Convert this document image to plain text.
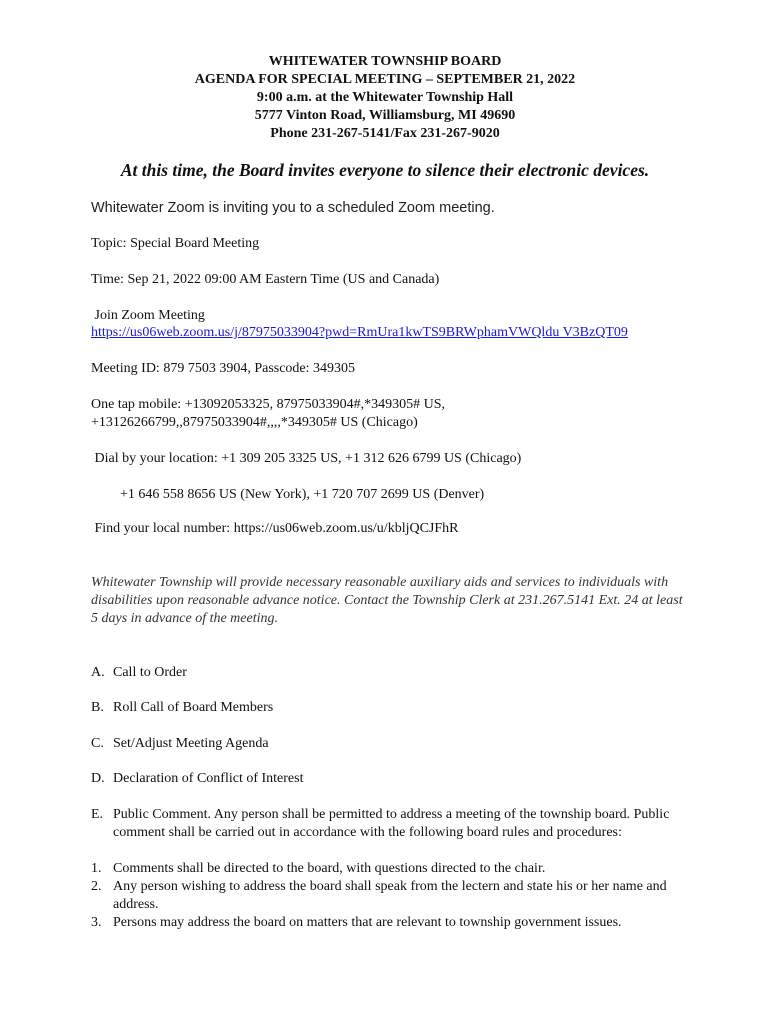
WHITEWATER TOWNSHIP BOARD
AGENDA FOR SPECIAL MEETING – SEPTEMBER 21, 2022
9:00 a.m. at the Whitewater Township Hall
5777 Vinton Road, Williamsburg, MI 49690
Phone 231-267-5141/Fax 231-267-9020
At this time, the Board invites everyone to silence their electronic devices.
Whitewater Zoom is inviting you to a scheduled Zoom meeting.
Topic: Special Board Meeting
Time: Sep 21, 2022 09:00 AM Eastern Time (US and Canada)
Join Zoom Meeting
https://us06web.zoom.us/j/87975033904?pwd=RmUra1kwTS9BRWphamVWQldu V3BzQT09
Meeting ID: 879 7503 3904, Passcode: 349305
One tap mobile: +13092053325, 87975033904#,*349305# US,
+13126266799,,87975033904#,,,,*349305# US (Chicago)
Dial by your location: +1 309 205 3325 US, +1 312 626 6799 US (Chicago)
+1 646 558 8656 US (New York), +1 720 707 2699 US (Denver)
Find your local number: https://us06web.zoom.us/u/kbljQCJFhR
Whitewater Township will provide necessary reasonable auxiliary aids and services to individuals with disabilities upon reasonable advance notice. Contact the Township Clerk at 231.267.5141 Ext. 24 at least 5 days in advance of the meeting.
A. Call to Order
B. Roll Call of Board Members
C. Set/Adjust Meeting Agenda
D. Declaration of Conflict of Interest
E. Public Comment. Any person shall be permitted to address a meeting of the township board. Public comment shall be carried out in accordance with the following board rules and procedures:
1. Comments shall be directed to the board, with questions directed to the chair.
2. Any person wishing to address the board shall speak from the lectern and state his or her name and address.
3. Persons may address the board on matters that are relevant to township government issues.
